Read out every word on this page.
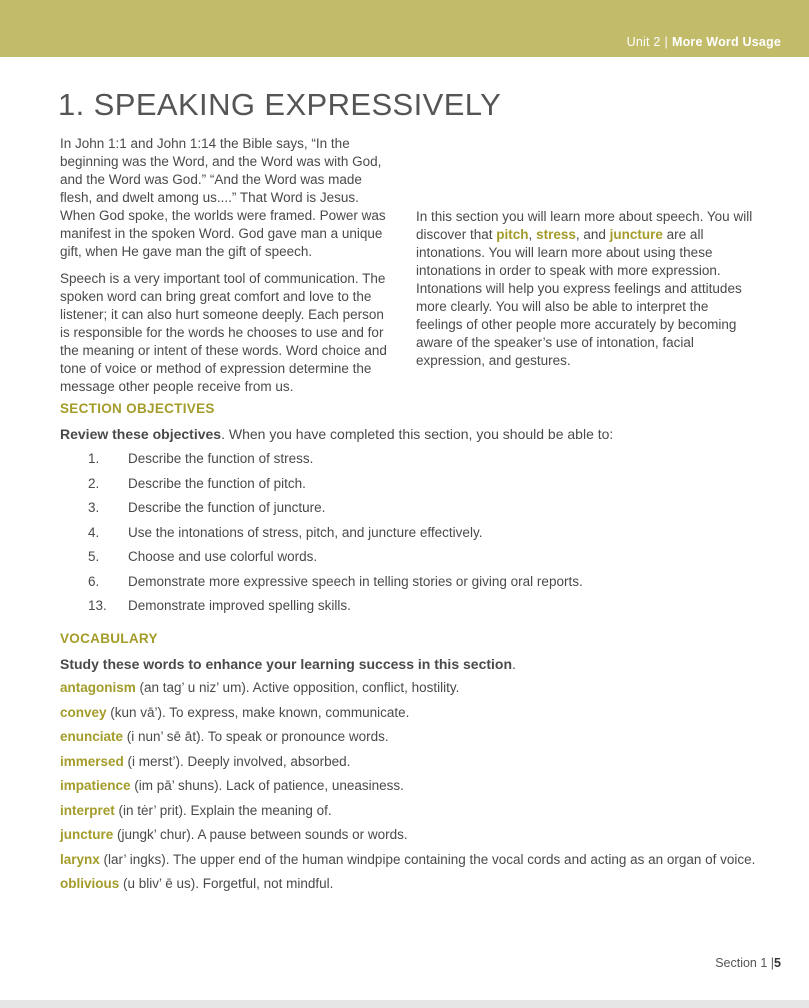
Unit 2 | More Word Usage
1. SPEAKING EXPRESSIVELY

In John 1:1 and John 1:14 the Bible says, “In the beginning was the Word, and the Word was with God, and the Word was God.” “And the Word was made flesh, and dwelt among us....” That Word is Jesus. When God spoke, the worlds were framed. Power was manifest in the spoken Word. God gave man a unique gift, when He gave man the gift of speech.

Speech is a very important tool of communication. The spoken word can bring great comfort and love to the listener; it can also hurt someone deeply. Each person is responsible for the words he chooses to use and for the meaning or intent of these words. Word choice and tone of voice or method of expression determine the message other people receive from us.

In this section you will learn more about speech. You will discover that pitch, stress, and juncture are all intonations. You will learn more about using these intonations in order to speak with more expression. Intonations will help you express feelings and attitudes more clearly. You will also be able to interpret the feelings of other people more accurately by becoming aware of the speaker’s use of intonation, facial expression, and gestures.

SECTION OBJECTIVES

Review these objectives. When you have completed this section, you should be able to:

1.	Describe the function of stress.
2.	Describe the function of pitch.
3.	Describe the function of juncture.
4.	Use the intonations of stress, pitch, and juncture effectively.
5.	Choose and use colorful words.
6.	Demonstrate more expressive speech in telling stories or giving oral reports.
13.	Demonstrate improved spelling skills.
VOCABULARY

Study these words to enhance your learning success in this section.

antagonism (an tag’ u niz’ um). Active opposition, conflict, hostility.
convey (kun vā’). To express, make known, communicate.
enunciate (i nun’ sē āt). To speak or pronounce words.
immersed (i merst’). Deeply involved, absorbed.
impatience (im pā’ shuns). Lack of patience, uneasiness.
interpret (in tėr’ prit). Explain the meaning of.
juncture (jungk’ chur). A pause between sounds or words.
larynx (lar’ ingks). The upper end of the human windpipe containing the vocal cords and acting as an organ of voice.
oblivious (u bliv’ ē us). Forgetful, not mindful.
Section 1 |5
